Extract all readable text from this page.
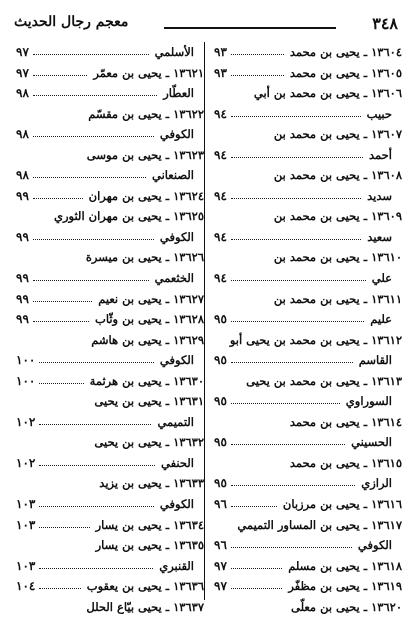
٣٤٨
معجم رجال الحديث
١٣٦٠٤ ـ يحيى بن محمد
٩٣
١٣٦٠٥ ـ يحيى بن محمد
٩٣
١٣٦٠٦ ـ يحيى بن محمد بن أبي
حبيب
٩٤
١٣٦٠٧ ـ يحيى بن محمد بن
أحمد
٩٤
١٣٦٠٨ ـ يحيى بن محمد بن
سديد
٩٤
١٣٦٠٩ ـ يحيى بن محمد بن
سعيد
٩٤
١٣٦١٠ ـ يحيى بن محمد بن
علي
٩٤
١٣٦١١ ـ يحيى بن محمد بن
عليم
٩٥
١٣٦١٢ ـ يحيى بن محمد بن يحيى أبو
القاسم
٩٥
١٣٦١٣ ـ يحيى بن محمد بن يحيى
السوراوي
٩٥
١٣٦١٤ ـ يحيى بن محمد
الحسيني
٩٥
١٣٦١٥ ـ يحيى بن محمد
الرازي
٩٥
١٣٦١٦ ـ يحيى بن مرزبان
٩٦
١٣٦١٧ ـ يحيى بن المساور التميمي
الكوفي
٩٦
١٣٦١٨ ـ يحيى بن مسلم
٩٧
١٣٦١٩ ـ يحيى بن مظفّر
٩٧
١٣٦٢٠ ـ يحيى بن معلّى
الأسلمي
٩٧
١٣٦٢١ ـ يحيى بن معمّر
٩٧
العطّار
٩٨
١٣٦٢٢ ـ يحيى بن مقسّم
الكوفي
٩٨
١٣٦٢٣ ـ يحيى بن موسى
الصنعاني
٩٨
١٣٦٢٤ ـ يحيى بن مهران
٩٩
١٣٦٢٥ ـ يحيى بن مهران الثوري
الكوفي
٩٩
١٣٦٢٦ ـ يحيى بن ميسرة
الخثعمي
٩٩
١٣٦٢٧ ـ يحيى بن نعيم
٩٩
١٣٦٢٨ ـ يحيى بن وثّاب
٩٩
١٣٦٢٩ ـ يحيى بن هاشم
الكوفي
١٠٠
١٣٦٣٠ ـ يحيى بن هرثمة
١٠٠
١٣٦٣١ ـ يحيى بن يحيى
التميمي
١٠٢
١٣٦٣٢ ـ يحيى بن يحيى
الحنفي
١٠٢
١٣٦٣٣ ـ يحيى بن يزيد
الكوفي
١٠٣
١٣٦٣٤ ـ يحيى بن يسار
١٠٣
١٣٦٣٥ ـ يحيى بن يسار
القنبري
١٠٣
١٣٦٣٦ ـ يحيى بن يعقوب
١٠٤
١٣٦٣٧ ـ يحيى بيّاع الحلل
